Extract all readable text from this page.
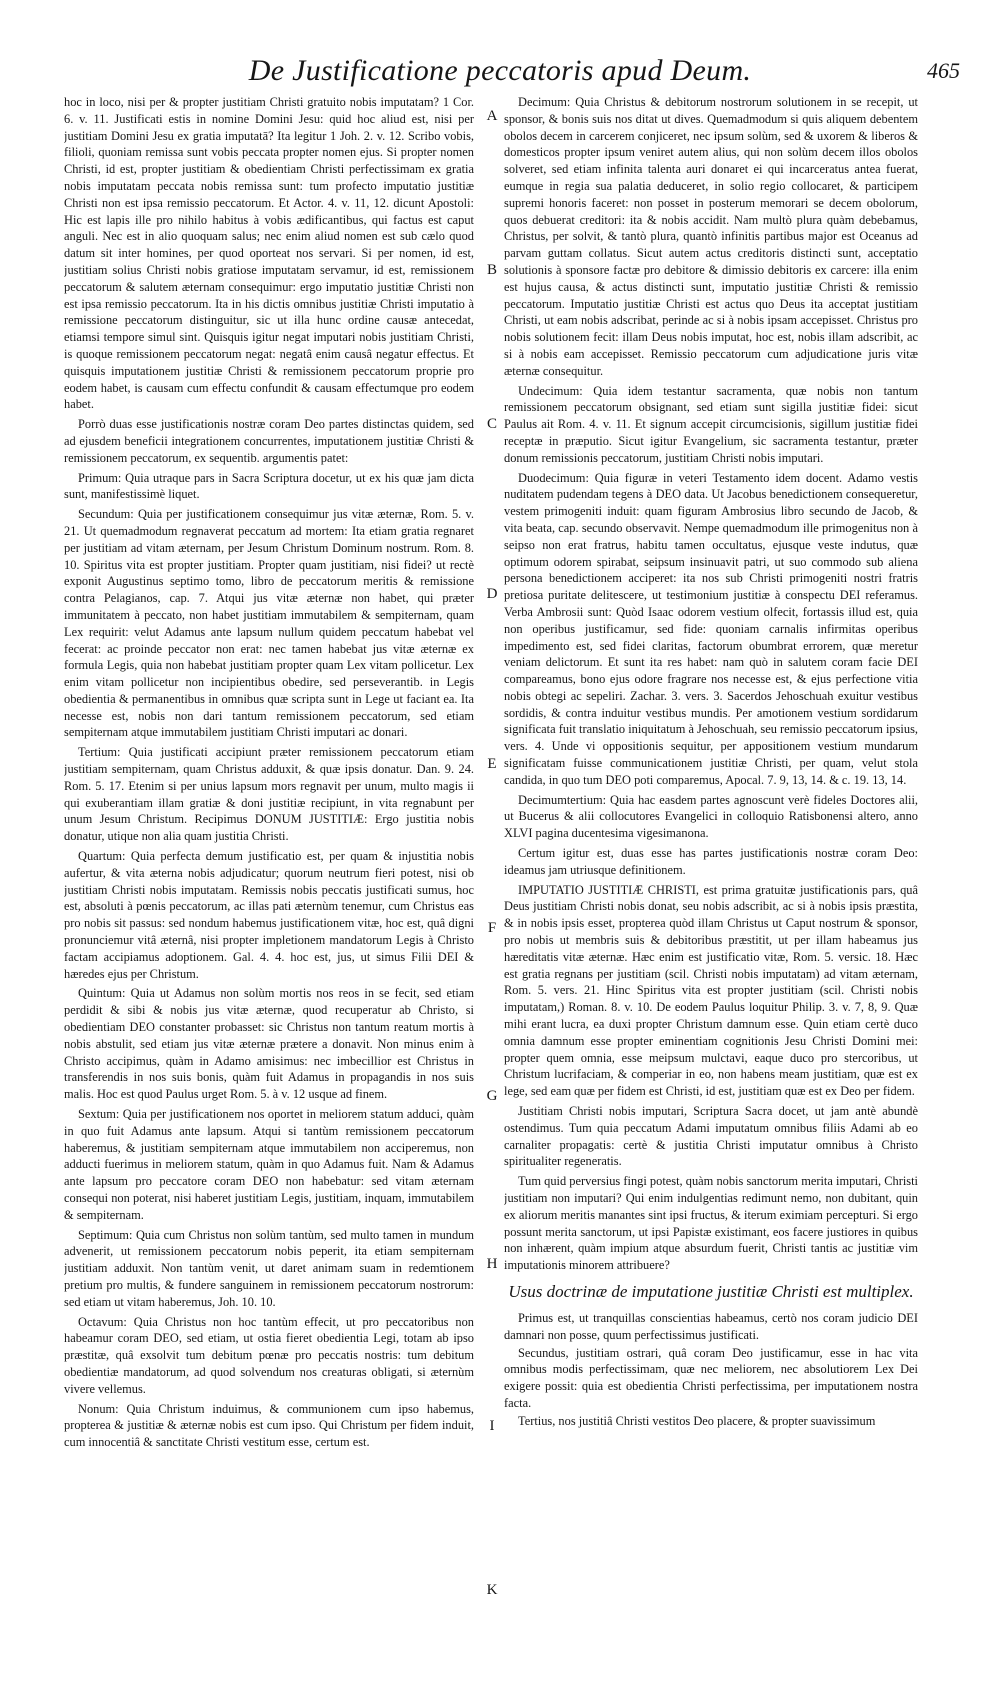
De Justificatione peccatoris apud Deum.	465
A
B
C
D
E
F
G
H
I
K

hoc in loco, nisi per & propter justitiam Christi gratuito nobis imputatam? 1 Cor. 6. v. 11. Justificati estis in nomine Domini Jesu: quid hoc aliud est, nisi per justitiam Domini Jesu ex gratia imputatā? Ita legitur 1 Joh. 2. v. 12. Scribo vobis, filioli, quoniam remissa sunt vobis peccata propter nomen ejus. Si propter nomen Christi, id est, propter justitiam & obedientiam Christi perfectissimam ex gratia nobis imputatam peccata nobis remissa sunt: tum profecto imputatio justitiæ Christi non est ipsa remissio peccatorum. Et Actor. 4. v. 11, 12. dicunt Apostoli: Hic est lapis ille pro nihilo habitus à vobis ædificantibus, qui factus est caput anguli. Nec est in alio quoquam salus; nec enim aliud nomen est sub cælo quod datum sit inter homines, per quod oporteat nos servari. Si per nomen, id est, justitiam solius Christi nobis gratiose imputatam servamur, id est, remissionem peccatorum & salutem æternam consequimur: ergo imputatio justitiæ Christi non est ipsa remissio peccatorum. Ita in his dictis omnibus justitiæ Christi imputatio à remissione peccatorum distinguitur, sic ut illa hunc ordine causæ antecedat, etiamsi tempore simul sint. Quisquis igitur negat imputari nobis justitiam Christi, is quoque remissionem peccatorum negat: negatâ enim causâ negatur effectus. Et quisquis imputationem justitiæ Christi & remissionem peccatorum proprie pro eodem habet, is causam cum effectu confundit & causam effectumque pro eodem habet.

Porrò duas esse justificationis nostræ coram Deo partes distinctas quidem, sed ad ejusdem beneficii integrationem concurrentes, imputationem justitiæ Christi & remissionem peccatorum, ex sequentib. argumentis patet:

Primum: Quia utraque pars in Sacra Scriptura docetur, ut ex his quæ jam dicta sunt, manifestissimè liquet.

Secundum: Quia per justificationem consequimur jus vitæ æternæ, Rom. 5. v. 21. Ut quemadmodum regnaverat peccatum ad mortem: Ita etiam gratia regnaret per justitiam ad vitam æternam, per Jesum Christum Dominum nostrum. Rom. 8. 10. Spiritus vita est propter justitiam. Propter quam justitiam, nisi fidei? ut rectè exponit Augustinus septimo tomo, libro de peccatorum meritis & remissione contra Pelagianos, cap. 7. Atqui jus vitæ æternæ non habet, qui præter immunitatem à peccato, non habet justitiam immutabilem & sempiternam, quam Lex requirit: velut Adamus ante lapsum nullum quidem peccatum habebat vel fecerat: ac proinde peccator non erat: nec tamen habebat jus vitæ æternæ ex formula Legis, quia non habebat justitiam propter quam Lex vitam pollicetur. Lex enim vitam pollicetur non incipientibus obedire, sed perseverantib. in Legis obedientia & permanentibus in omnibus quæ scripta sunt in Lege ut faciant ea. Ita necesse est, nobis non dari tantum remissionem peccatorum, sed etiam sempiternam atque immutabilem justitiam Christi imputari ac donari.

Tertium: Quia justificati accipiunt præter remissionem peccatorum etiam justitiam sempiternam, quam Christus adduxit, & quæ ipsis donatur. Dan. 9. 24. Rom. 5. 17. Etenim si per unius lapsum mors regnavit per unum, multo magis ii qui exuberantiam illam gratiæ & doni justitiæ recipiunt, in vita regnabunt per unum Jesum Christum. Recipimus DONUM JUSTITIÆ: Ergo justitia nobis donatur, utique non alia quam justitia Christi.

Quartum: Quia perfecta demum justificatio est, per quam & injustitia nobis aufertur, & vita æterna nobis adjudicatur; quorum neutrum fieri potest, nisi ob justitiam Christi nobis imputatam. Remissis nobis peccatis justificati sumus, hoc est, absoluti à pœnis peccatorum, ac illas pati æternùm tenemur, cum Christus eas pro nobis sit passus: sed nondum habemus justificationem vitæ, hoc est, quâ digni pronunciemur vitâ æternâ, nisi propter impletionem mandatorum Legis à Christo factam accipiamus adoptionem. Gal. 4. 4. hoc est, jus, ut simus Filii DEI & hæredes ejus per Christum.

Quintum: Quia ut Adamus non solùm mortis nos reos in se fecit, sed etiam perdidit & sibi & nobis jus vitæ æternæ, quod recuperatur ab Christo, si obedientiam DEO constanter probasset: sic Christus non tantum reatum mortis à nobis abstulit, sed etiam jus vitæ æternæ prætere a donavit. Non minus enim à Christo accipimus, quàm in Adamo amisimus: nec imbecillior est Christus in transferendis in nos suis bonis, quàm fuit Adamus in propagandis in nos suis malis. Hoc est quod Paulus urget Rom. 5. à v. 12 usque ad finem.

Sextum: Quia per justificationem nos oportet in meliorem statum adduci, quàm in quo fuit Adamus ante lapsum. Atqui si tantùm remissionem peccatorum haberemus, & justitiam sempiternam atque immutabilem non acciperemus, non adducti fuerimus in meliorem statum, quàm in quo Adamus fuit. Nam & Adamus ante lapsum pro peccatore coram DEO non habebatur: sed vitam æternam consequi non poterat, nisi haberet justitiam Legis, justitiam, inquam, immutabilem & sempiternam.

Septimum: Quia cum Christus non solùm tantùm, sed multo tamen in mundum advenerit, ut remissionem peccatorum nobis peperit, ita etiam sempiternam justitiam adduxit. Non tantùm venit, ut daret animam suam in redemtionem pretium pro multis, & fundere sanguinem in remissionem peccatorum nostrorum: sed etiam ut vitam haberemus, Joh. 10. 10.

Octavum: Quia Christus non hoc tantùm effecit, ut pro peccatoribus non habeamur coram DEO, sed etiam, ut ostia fieret obedientia Legi, totam ab ipso præstitæ, quâ exsolvit tum debitum pœnæ pro peccatis nostris: tum debitum obedientiæ mandatorum, ad quod solvendum nos creaturas obligati, si æternùm vivere vellemus.

Nonum: Quia Christum induimus, & communionem cum ipso habemus, propterea & justitiæ & æternæ nobis est cum ipso. Qui Christum per fidem induit, cum innocentiâ & sanctitate Christi vestitum esse, certum est.

Decimum: Quia Christus & debitorum nostrorum solutionem in se recepit, ut sponsor, & bonis suis nos ditat ut dives. Quemadmodum si quis aliquem debentem obolos decem in carcerem conjiceret, nec ipsum solùm, sed & uxorem & liberos & domesticos propter ipsum veniret autem alius, qui non solùm decem illos obolos solveret, sed etiam infinita talenta auri donaret ei qui incarceratus antea fuerat, eumque in regia sua palatia deduceret, in solio regio collocaret, & participem supremi honoris faceret: non posset in posterum memorari se decem obolorum, quos debuerat creditori: ita & nobis accidit. Nam multò plura quàm debebamus, Christus, per solvit, & tantò plura, quantò infinitis partibus major est Oceanus ad parvam guttam collatus. Sicut autem actus creditoris distincti sunt, acceptatio solutionis à sponsore factæ pro debitore & dimissio debitoris ex carcere: illa enim est hujus causa, & actus distincti sunt, imputatio justitiæ Christi & remissio peccatorum. Imputatio justitiæ Christi est actus quo Deus ita acceptat justitiam Christi, ut eam nobis adscribat, perinde ac si à nobis ipsam accepisset. Christus pro nobis solutionem fecit: illam Deus nobis imputat, hoc est, nobis illam adscribit, ac si à nobis eam accepisset. Remissio peccatorum cum adjudicatione juris vitæ æternæ consequitur.

Undecimum: Quia idem testantur sacramenta, quæ nobis non tantum remissionem peccatorum obsignant, sed etiam sunt sigilla justitiæ fidei: sicut Paulus ait Rom. 4. v. 11. Et signum accepit circumcisionis, sigillum justitiæ fidei receptæ in præputio. Sicut igitur Evangelium, sic sacramenta testantur, præter donum remissionis peccatorum, justitiam Christi nobis imputari.

Duodecimum: Quia figuræ in veteri Testamento idem docent. Adamo vestis nuditatem pudendam tegens à DEO data. Ut Jacobus benedictionem consequeretur, vestem primogeniti induit: quam figuram Ambrosius libro secundo de Jacob, & vita beata, cap. secundo observavit. Nempe quemadmodum ille primogenitus non à seipso non erat fratrus, habitu tamen occultatus, ejusque veste indutus, quæ optimum odorem spirabat, seipsum insinuavit patri, ut suo commodo sub aliena persona benedictionem acciperet: ita nos sub Christi primogeniti nostri fratris pretiosa puritate delitescere, ut testimonium justitiæ à conspectu DEI referamus. Verba Ambrosii sunt: Quòd Isaac odorem vestium olfecit, fortassis illud est, quia non operibus justificamur, sed fide: quoniam carnalis infirmitas operibus impedimento est, sed fidei claritas, factorum obumbrat errorem, quæ meretur veniam delictorum. Et sunt ita res habet: nam quò in salutem coram facie DEI compareamus, bono ejus odore fragrare nos necesse est, & ejus perfectione vitia nobis obtegi ac sepeliri. Zachar. 3. vers. 3. Sacerdos Jehoschuah exuitur vestibus sordidis, & contra induitur vestibus mundis. Per amotionem vestium sordidarum significata fuit translatio iniquitatum à Jehoschuah, seu remissio peccatorum ipsius, vers. 4. Unde vi oppositionis sequitur, per appositionem vestium mundarum significatam fuisse communicationem justitiæ Christi, per quam, velut stola candida, in quo tum DEO poti comparemus, Apocal. 7. 9, 13, 14. & c. 19. 13, 14.

Decimumtertium: Quia hac easdem partes agnoscunt verè fideles Doctores alii, ut Bucerus & alii collocutores Evangelici in colloquio Ratisbonensi altero, anno XLVI pagina ducentesima vigesimanona.

Certum igitur est, duas esse has partes justificationis nostræ coram Deo: ideamus jam utriusque definitionem.

IMPUTATIO JUSTITIÆ CHRISTI, est prima gratuitæ justificationis pars, quâ Deus justitiam Christi nobis donat, seu nobis adscribit, ac si à nobis ipsis præstita, & in nobis ipsis esset, propterea quòd illam Christus ut Caput nostrum & sponsor, pro nobis ut membris suis & debitoribus præstitit, ut per illam habeamus jus hæreditatis vitæ æternæ. Hæc enim est justificatio vitæ, Rom. 5. versic. 18. Hæc est gratia regnans per justitiam (scil. Christi nobis imputatam) ad vitam æternam, Rom. 5. vers. 21. Hinc Spiritus vita est propter justitiam (scil. Christi nobis imputatam,) Roman. 8. v. 10. De eodem Paulus loquitur Philip. 3. v. 7, 8, 9. Quæ mihi erant lucra, ea duxi propter Christum damnum esse. Quin etiam certè duco omnia damnum esse propter eminentiam cognitionis Jesu Christi Domini mei: propter quem omnia, esse meipsum mulctavi, eaque duco pro stercoribus, ut Christum lucrifaciam, & comperiar in eo, non habens meam justitiam, quæ est ex lege, sed eam quæ per fidem est Christi, id est, justitiam quæ est ex Deo per fidem.

Justitiam Christi nobis imputari, Scriptura Sacra docet, ut jam antè abundè ostendimus. Tum quia peccatum Adami imputatum omnibus filiis Adami ab eo carnaliter propagatis: certè & justitia Christi imputatur omnibus à Christo spiritualiter regeneratis.

Tum quid perversius fingi potest, quàm nobis sanctorum merita imputari, Christi justitiam non imputari? Qui enim indulgentias redimunt nemo, non dubitant, quin ex aliorum meritis manantes sint ipsi fructus, & iterum eximiam percepturi. Si ergo possunt merita sanctorum, ut ipsi Papistæ existimant, eos facere justiores in quibus non inhærent, quàm impium atque absurdum fuerit, Christi tantis ac justitiæ vim imputationis minorem attribuere?

Usus doctrinæ de imputatione justitiæ Christi est multiplex.

Primus est, ut tranquillas conscientias habeamus, certò nos coram judicio DEI damnari non posse, quum perfectissimus justificati.

Secundus, justitiam ostrari, quâ coram Deo justificamur, esse in hac vita omnibus modis perfectissimam, quæ nec meliorem, nec absolutiorem Lex Dei exigere possit: quia est obedientia Christi perfectissima, per imputationem nostra facta.

Tertius, nos justitiâ Christi vestitos Deo placere, & propter suavissimum
